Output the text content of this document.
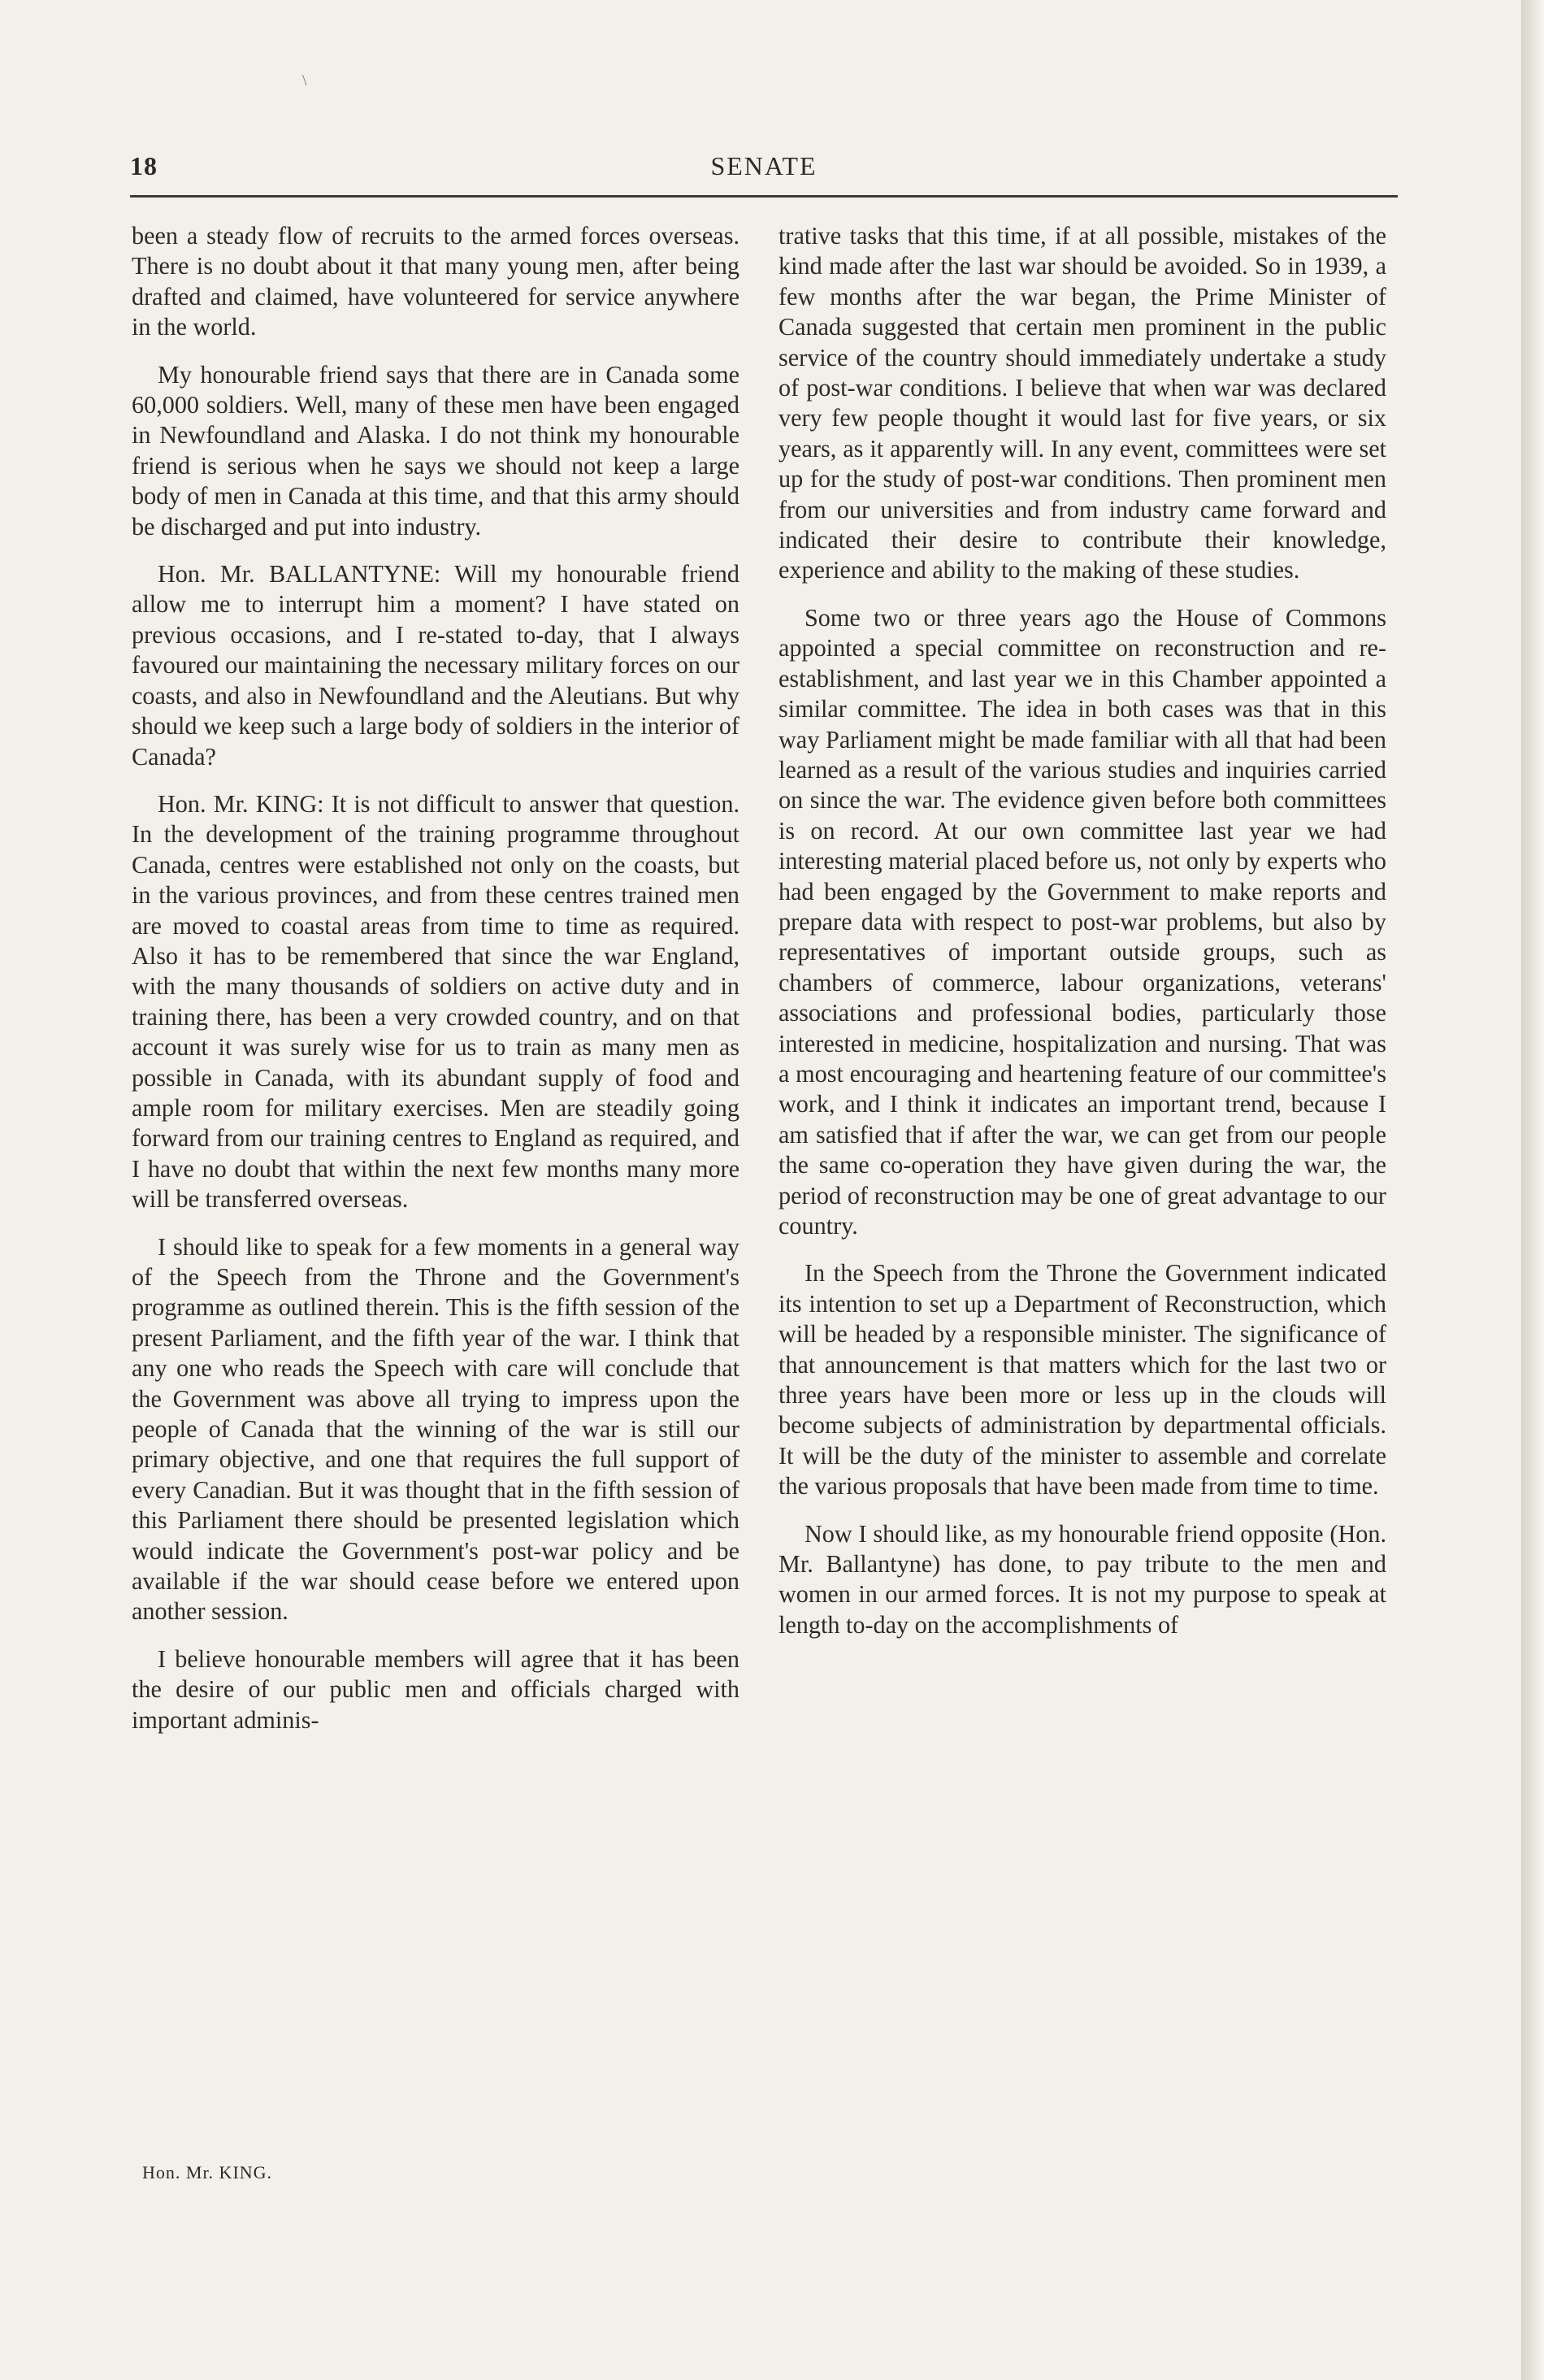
\
18	SENATE

been a steady flow of recruits to the armed forces overseas. There is no doubt about it that many young men, after being drafted and claimed, have volunteered for service anywhere in the world.

My honourable friend says that there are in Canada some 60,000 soldiers. Well, many of these men have been engaged in Newfoundland and Alaska. I do not think my honourable friend is serious when he says we should not keep a large body of men in Canada at this time, and that this army should be discharged and put into industry.

Hon. Mr. BALLANTYNE: Will my honourable friend allow me to interrupt him a moment? I have stated on previous occasions, and I re-stated to-day, that I always favoured our maintaining the necessary military forces on our coasts, and also in Newfoundland and the Aleutians. But why should we keep such a large body of soldiers in the interior of Canada?

Hon. Mr. KING: It is not difficult to answer that question. In the development of the training programme throughout Canada, centres were established not only on the coasts, but in the various provinces, and from these centres trained men are moved to coastal areas from time to time as required. Also it has to be remembered that since the war England, with the many thousands of soldiers on active duty and in training there, has been a very crowded country, and on that account it was surely wise for us to train as many men as possible in Canada, with its abundant supply of food and ample room for military exercises. Men are steadily going forward from our training centres to England as required, and I have no doubt that within the next few months many more will be transferred overseas.

I should like to speak for a few moments in a general way of the Speech from the Throne and the Government's programme as outlined therein. This is the fifth session of the present Parliament, and the fifth year of the war. I think that any one who reads the Speech with care will conclude that the Government was above all trying to impress upon the people of Canada that the winning of the war is still our primary objective, and one that requires the full support of every Canadian. But it was thought that in the fifth session of this Parliament there should be presented legislation which would indicate the Government's post-war policy and be available if the war should cease before we entered upon another session.

I believe honourable members will agree that it has been the desire of our public men and officials charged with important adminis-

trative tasks that this time, if at all possible, mistakes of the kind made after the last war should be avoided. So in 1939, a few months after the war began, the Prime Minister of Canada suggested that certain men prominent in the public service of the country should immediately undertake a study of post-war conditions. I believe that when war was declared very few people thought it would last for five years, or six years, as it apparently will. In any event, committees were set up for the study of post-war conditions. Then prominent men from our universities and from industry came forward and indicated their desire to contribute their knowledge, experience and ability to the making of these studies.

Some two or three years ago the House of Commons appointed a special committee on reconstruction and re-establishment, and last year we in this Chamber appointed a similar committee. The idea in both cases was that in this way Parliament might be made familiar with all that had been learned as a result of the various studies and inquiries carried on since the war. The evidence given before both committees is on record. At our own committee last year we had interesting material placed before us, not only by experts who had been engaged by the Government to make reports and prepare data with respect to post-war problems, but also by representatives of important outside groups, such as chambers of commerce, labour organizations, veterans' associations and professional bodies, particularly those interested in medicine, hospitalization and nursing. That was a most encouraging and heartening feature of our committee's work, and I think it indicates an important trend, because I am satisfied that if after the war, we can get from our people the same co-operation they have given during the war, the period of reconstruction may be one of great advantage to our country.

In the Speech from the Throne the Government indicated its intention to set up a Department of Reconstruction, which will be headed by a responsible minister. The significance of that announcement is that matters which for the last two or three years have been more or less up in the clouds will become subjects of administration by departmental officials. It will be the duty of the minister to assemble and correlate the various proposals that have been made from time to time.

Now I should like, as my honourable friend opposite (Hon. Mr. Ballantyne) has done, to pay tribute to the men and women in our armed forces. It is not my purpose to speak at length to-day on the accomplishments of

Hon. Mr. KING.
